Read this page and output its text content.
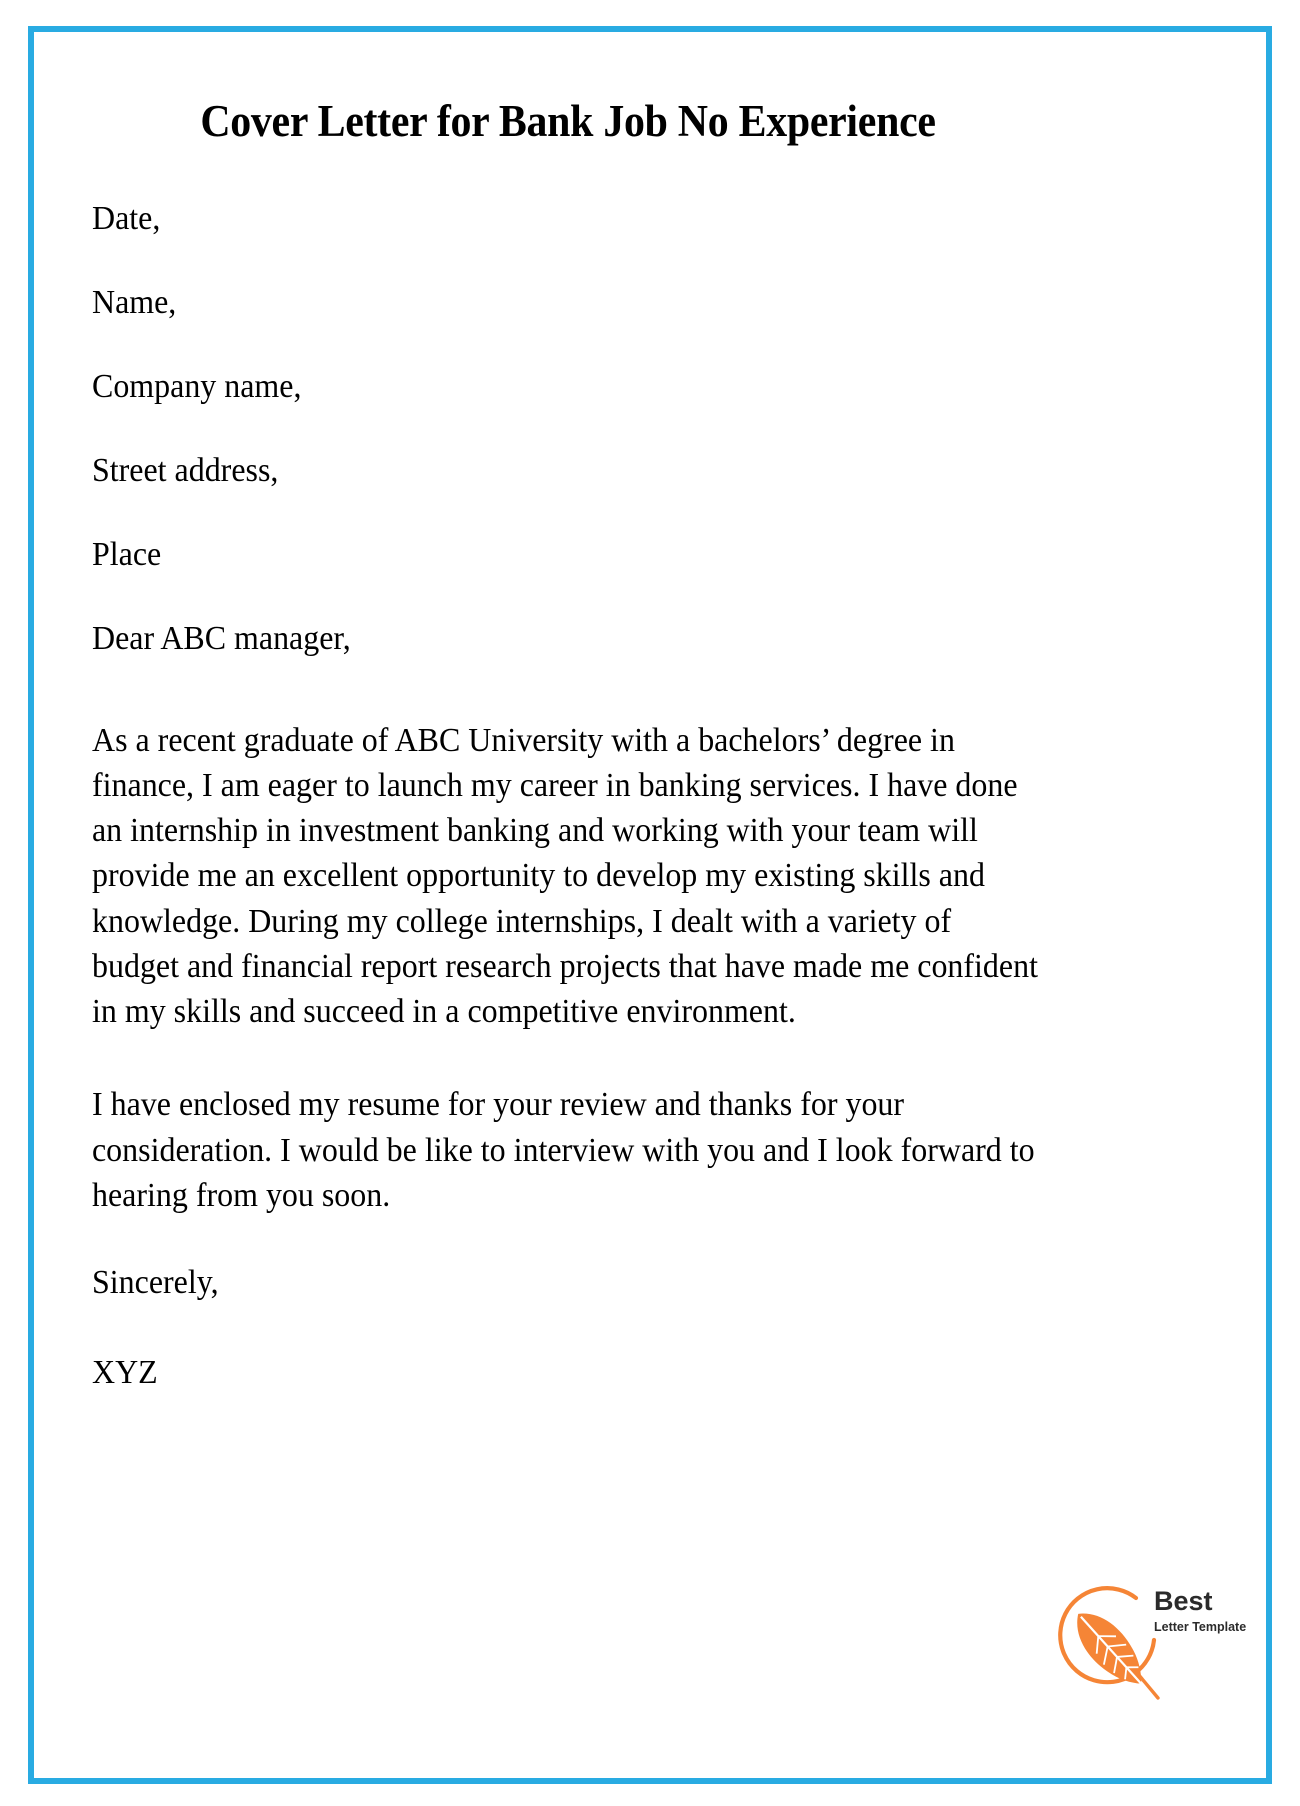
Cover Letter for Bank Job No Experience

Date,

Name,

Company name,

Street address,

Place

Dear ABC manager,

As a recent graduate of ABC University with a bachelors’ degree in finance, I am eager to launch my career in banking services. I have done an internship in investment banking and working with your team will provide me an excellent opportunity to develop my existing skills and knowledge. During my college internships, I dealt with a variety of budget and financial report research projects that have made me confident in my skills and succeed in a competitive environment.

I have enclosed my resume for your review and thanks for your consideration. I would be like to interview with you and I look forward to hearing from you soon.

Sincerely,

XYZ

Best

Letter Template
